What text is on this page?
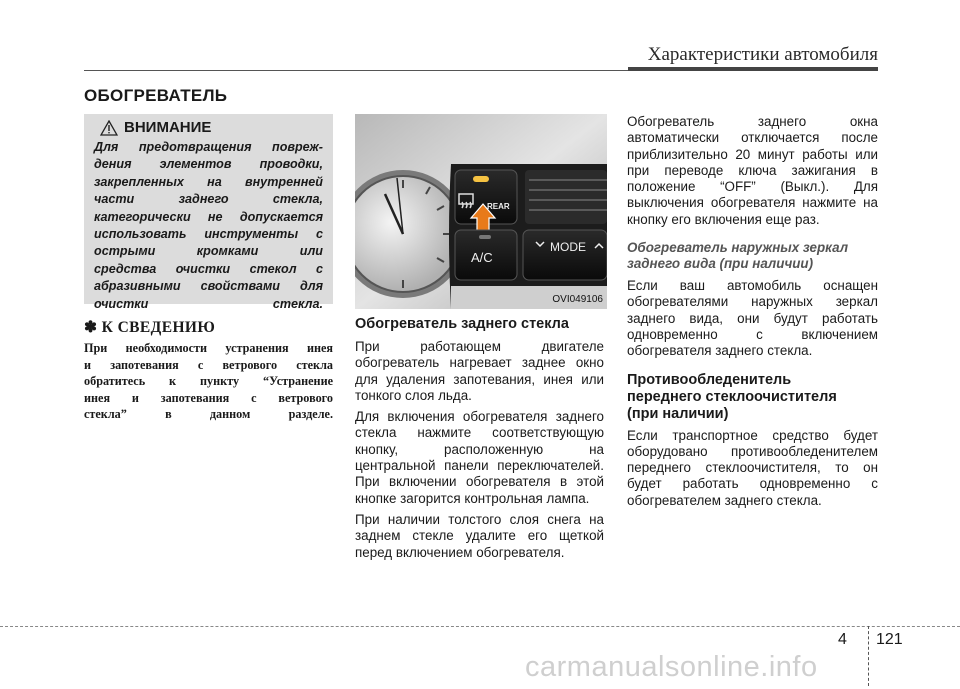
Характеристики автомобиля
ОБОГРЕВАТЕЛЬ
ВНИМАНИЕ
Для предотвращения повреж-
дения элементов проводки,
закрепленных на внутренней
части заднего стекла,
категорически не допускается
использовать инструменты с
острыми кромками или
средства очистки стекол с
абразивными свойствами для
очистки стекла.
✽ К СВЕДЕНИЮ
При необходимости устранения инея
и запотевания с ветрового стекла
обратитесь к пункту “Устранение
инея и запотевания с ветрового
стекла” в данном разделе.
REAR
A/C
MODE
OVI049106
Обогреватель заднего стекла
При работающем двигателе
обогреватель нагревает заднее окно
для удаления запотевания, инея или
тонкого слоя льда.
Для включения обогревателя заднего
стекла нажмите соответствующую
кнопку, расположенную на
центральной панели переключателей.
При включении обогревателя в этой
кнопке загорится контрольная лампа.
При наличии толстого слоя снега на
заднем стекле удалите его щеткой
перед включением обогревателя.
Обогреватель заднего окна
автоматически отключается после
приблизительно 20 минут работы или
при переводе ключа зажигания в
положение “OFF” (Выкл.). Для
выключения обогревателя нажмите на
кнопку его включения еще раз.
Обогреватель наружных зеркал
заднего вида (при наличии)
Если ваш автомобиль оснащен
обогревателями наружных зеркал
заднего вида, они будут работать
одновременно с включением
обогревателя заднего стекла.
Противообледенитель
переднего стеклоочистителя
(при наличии)
Если транспортное средство будет
оборудовано противообледенителем
переднего стеклоочистителя, то он
будет работать одновременно с
обогревателем заднего стекла.
4 121
carmanualsonline.info
